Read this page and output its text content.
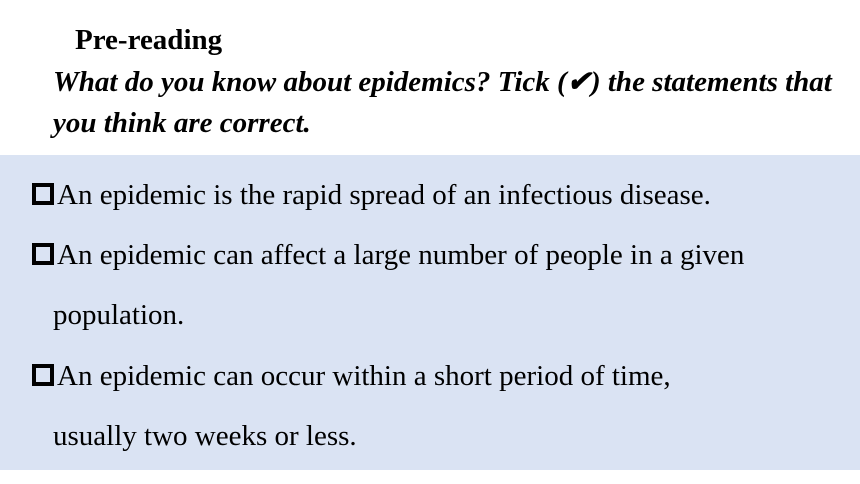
Pre-reading
What do you know about epidemics? Tick (✔) the statements that you think are correct.
An epidemic is the rapid spread of an infectious disease.
An epidemic can affect a large number of people in a given
population.
An epidemic can occur within a short period of time,
usually two weeks or less.
